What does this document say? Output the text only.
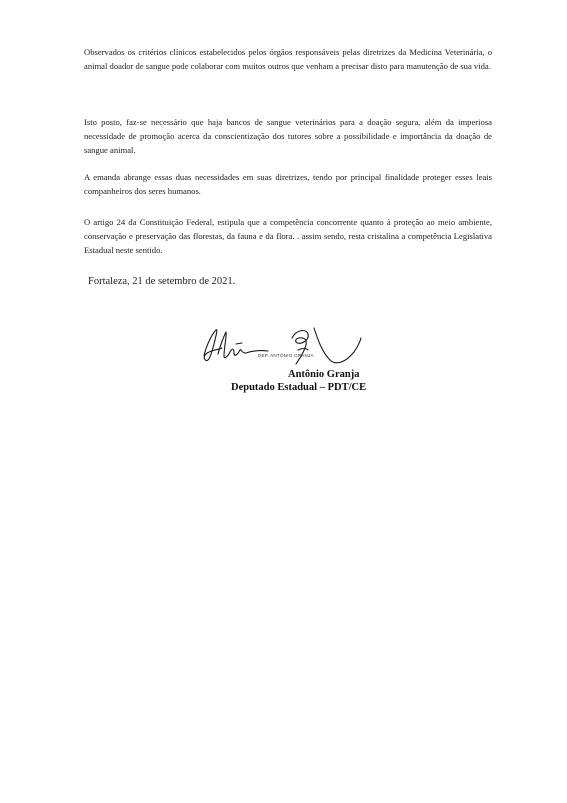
Observados os critérios clínicos estabelecidos pelos órgãos responsáveis pelas diretrizes da Medicina Veterinária, o animal doador de sangue pode colaborar com muitos outros que venham a precisar disto para manutenção de sua vida.

Isto posto, faz-se necessário que haja bancos de sangue veterinários para a doação segura, além da imperiosa necessidade de promoção acerca da conscientização dos tutores sobre a possibilidade e importância da doação de sangue animal.

A emanda abrange essas duas necessidades em suas diretrizes, tendo por principal finalidade proteger esses leais companheiros dos seres humanos.

O artigo 24 da Constituição Federal, estipula que a competência concorrente quanto à proteção ao meio ambiente, conservação e preservação das florestas, da fauna e da flora. . assim sendo, resta cristalina a competência Legislativa Estadual neste sentido.

Fortaleza, 21 de setembro de 2021.

DEP. ANTÔNIO GRANJA

Antônio Granja

Deputado Estadual – PDT/CE
